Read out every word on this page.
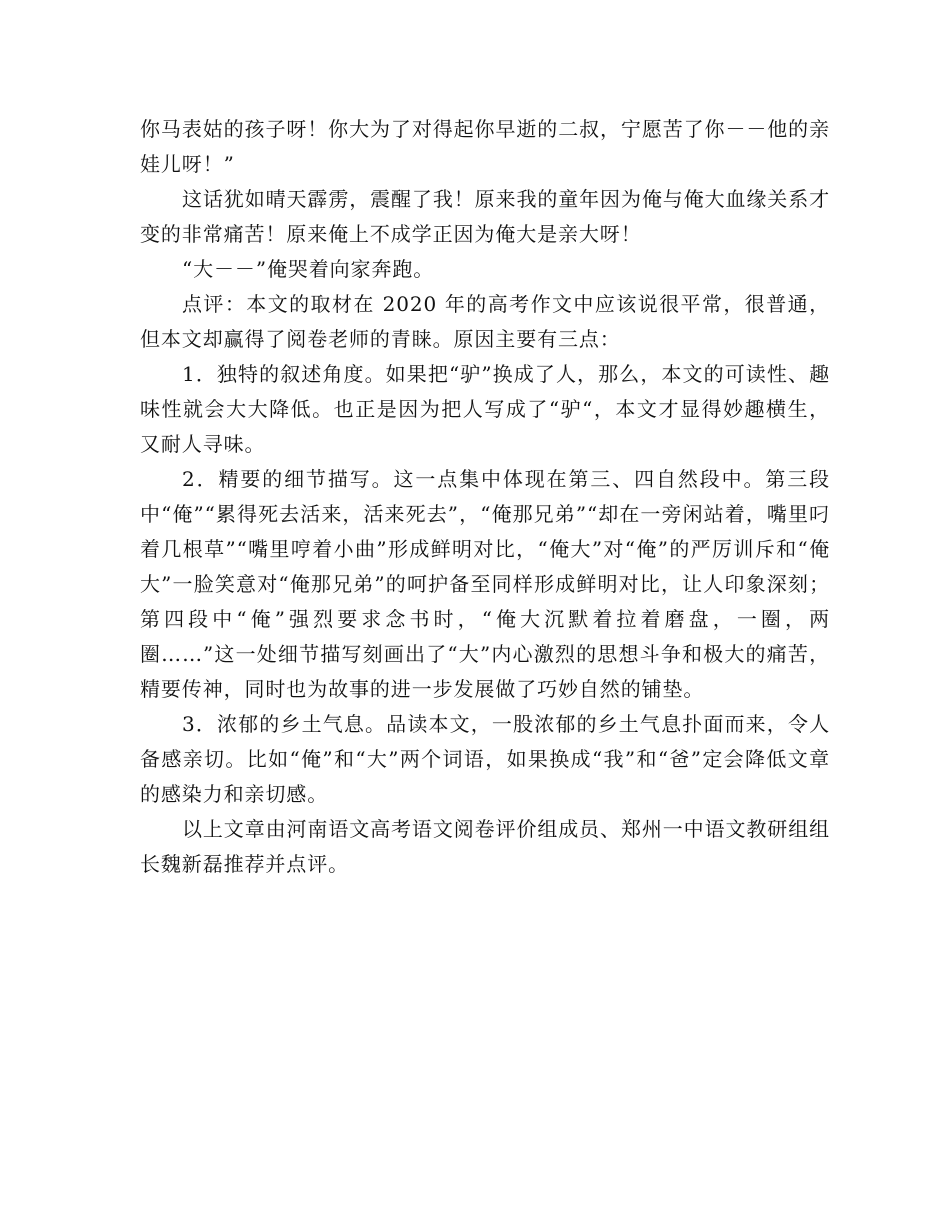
你马表姑的孩子呀！你大为了对得起你早逝的二叔，宁愿苦了你－－他的亲娃儿呀！”

这话犹如晴天霹雳，震醒了我！原来我的童年因为俺与俺大血缘关系才变的非常痛苦！原来俺上不成学正因为俺大是亲大呀！

“大－－”俺哭着向家奔跑。

点评：本文的取材在 2020 年的高考作文中应该说很平常，很普通，但本文却赢得了阅卷老师的青睐。原因主要有三点：

1．独特的叙述角度。如果把“驴”换成了人，那么，本文的可读性、趣味性就会大大降低。也正是因为把人写成了“驴“，本文才显得妙趣横生，又耐人寻味。

2．精要的细节描写。这一点集中体现在第三、四自然段中。第三段中“俺”“累得死去活来，活来死去”，“俺那兄弟”“却在一旁闲站着，嘴里叼着几根草”“嘴里哼着小曲”形成鲜明对比，“俺大”对“俺”的严厉训斥和“俺大”一脸笑意对“俺那兄弟”的呵护备至同样形成鲜明对比，让人印象深刻；第四段中“俺”强烈要求念书时，“俺大沉默着拉着磨盘，一圈，两圈……”这一处细节描写刻画出了“大”内心激烈的思想斗争和极大的痛苦，精要传神，同时也为故事的进一步发展做了巧妙自然的铺垫。

3．浓郁的乡土气息。品读本文，一股浓郁的乡土气息扑面而来，令人备感亲切。比如“俺”和“大”两个词语，如果换成“我”和“爸”定会降低文章的感染力和亲切感。

以上文章由河南语文高考语文阅卷评价组成员、郑州一中语文教研组组长魏新磊推荐并点评。
